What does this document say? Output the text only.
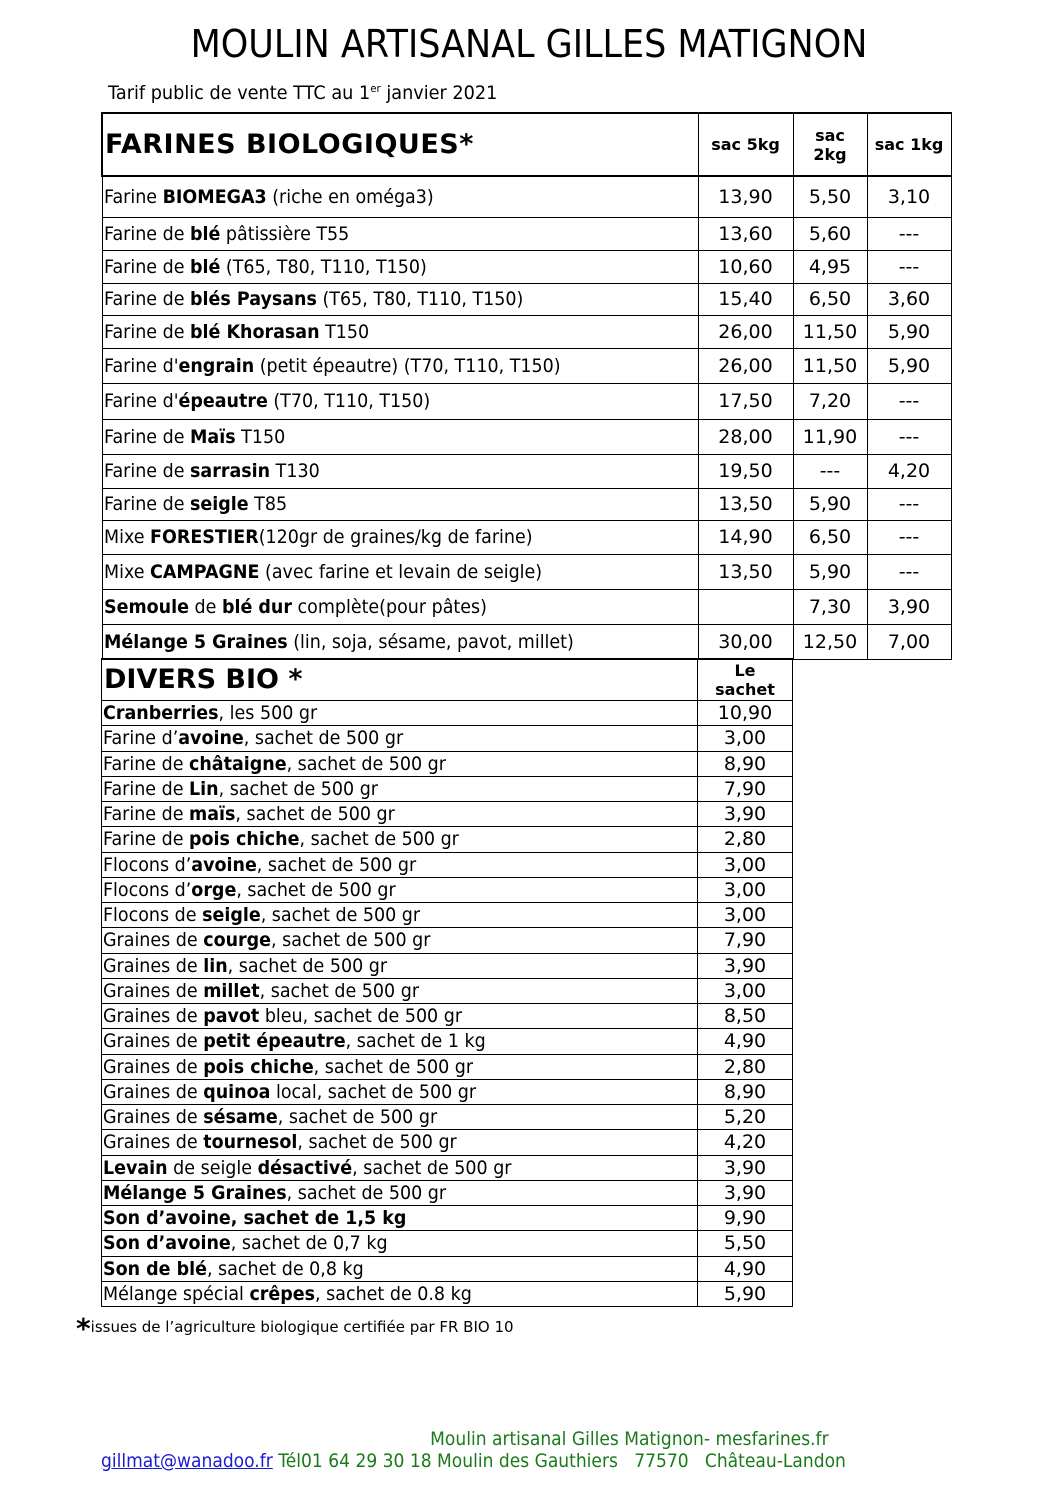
MOULIN ARTISANAL GILLES MATIGNON
Tarif public de vente TTC au 1er janvier 2021
FARINES BIOLOGIQUES*	sac 5kg	sac 2kg	sac 1kg
Farine BIOMEGA3 (riche en oméga3)	13,90	5,50	3,10
Farine de blé pâtissière T55	13,60	5,60	---
Farine de blé (T65, T80, T110, T150)	10,60	4,95	---
Farine de blés Paysans (T65, T80, T110, T150)	15,40	6,50	3,60
Farine de blé Khorasan T150	26,00	11,50	5,90
Farine d'engrain (petit épeautre) (T70, T110, T150)	26,00	11,50	5,90
Farine d'épeautre (T70, T110, T150)	17,50	7,20	---
Farine de Maïs T150	28,00	11,90	---
Farine de sarrasin T130	19,50	---	4,20
Farine de seigle T85	13,50	5,90	---
Mixe FORESTIER(120gr de graines/kg de farine)	14,90	6,50	---
Mixe CAMPAGNE (avec farine et levain de seigle)	13,50	5,90	---
Semoule de blé dur complète(pour pâtes)		7,30	3,90
Mélange 5 Graines (lin, soja, sésame, pavot, millet)	30,00	12,50	7,00
DIVERS BIO *	Le sachet
Cranberries, les 500 gr	10,90
Farine d’avoine, sachet de 500 gr	3,00
Farine de châtaigne, sachet de 500 gr	8,90
Farine de Lin, sachet de 500 gr	7,90
Farine de maïs, sachet de 500 gr	3,90
Farine de pois chiche, sachet de 500 gr	2,80
Flocons d’avoine, sachet de 500 gr	3,00
Flocons d’orge, sachet de 500 gr	3,00
Flocons de seigle, sachet de 500 gr	3,00
Graines de courge, sachet de 500 gr	7,90
Graines de lin, sachet de 500 gr	3,90
Graines de millet, sachet de 500 gr	3,00
Graines de pavot bleu, sachet de 500 gr	8,50
Graines de petit épeautre, sachet de 1 kg	4,90
Graines de pois chiche, sachet de 500 gr	2,80
Graines de quinoa local, sachet de 500 gr	8,90
Graines de sésame, sachet de 500 gr	5,20
Graines de tournesol, sachet de 500 gr	4,20
Levain de seigle désactivé, sachet de 500 gr	3,90
Mélange 5 Graines, sachet de 500 gr	3,90
Son d’avoine, sachet de 1,5 kg	9,90
Son d’avoine, sachet de 0,7 kg	5,50
Son de blé, sachet de 0,8 kg	4,90
Mélange spécial crêpes, sachet de 0.8 kg	5,90
*issues de l’agriculture biologique certifiée par FR BIO 10
Moulin artisanal Gilles Matignon- mesfarines.fr
gillmat@wanadoo.fr Tél01 64 29 30 18 Moulin des Gauthiers   77570   Château-Landon
